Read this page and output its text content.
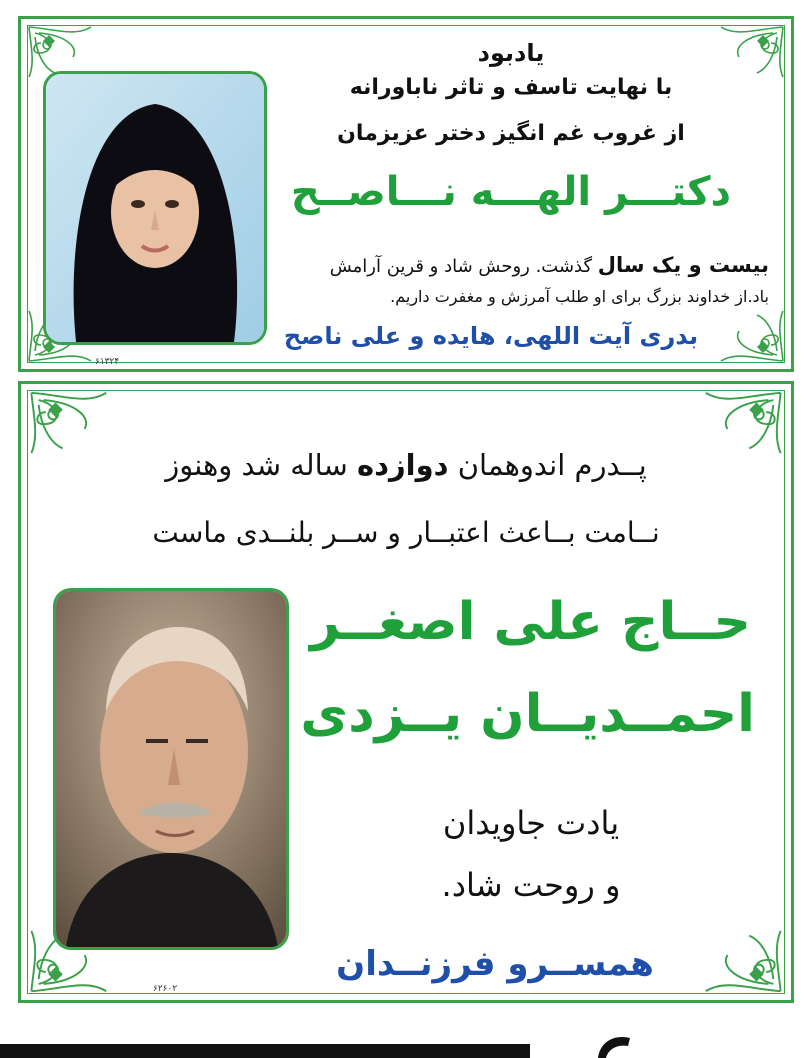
یادبود
با نهایت تاسف و تاثر ناباورانه
از غروب غم انگیز دختر عزیزمان
دکتـــر الهـــه نـــاصــح
بیست و یک سال گذشت. روحش شاد و قرین آرامش
باد.از خداوند بزرگ برای او طلب آمرزش و مغفرت داریم.
بدری آیت اللهی، هایده و علی ناصح
۶۱۳۲۴
پــدرم اندوهمان دوازده ساله شد وهنوز
نــامت بــاعث اعتبــار و ســر بلنــدی ماست
حــاج علی اصغــر
احمــدیــان یــزدی
یادت جاویدان
و روحت شاد.
همســرو فرزنــدان
۶۲۶۰۲
